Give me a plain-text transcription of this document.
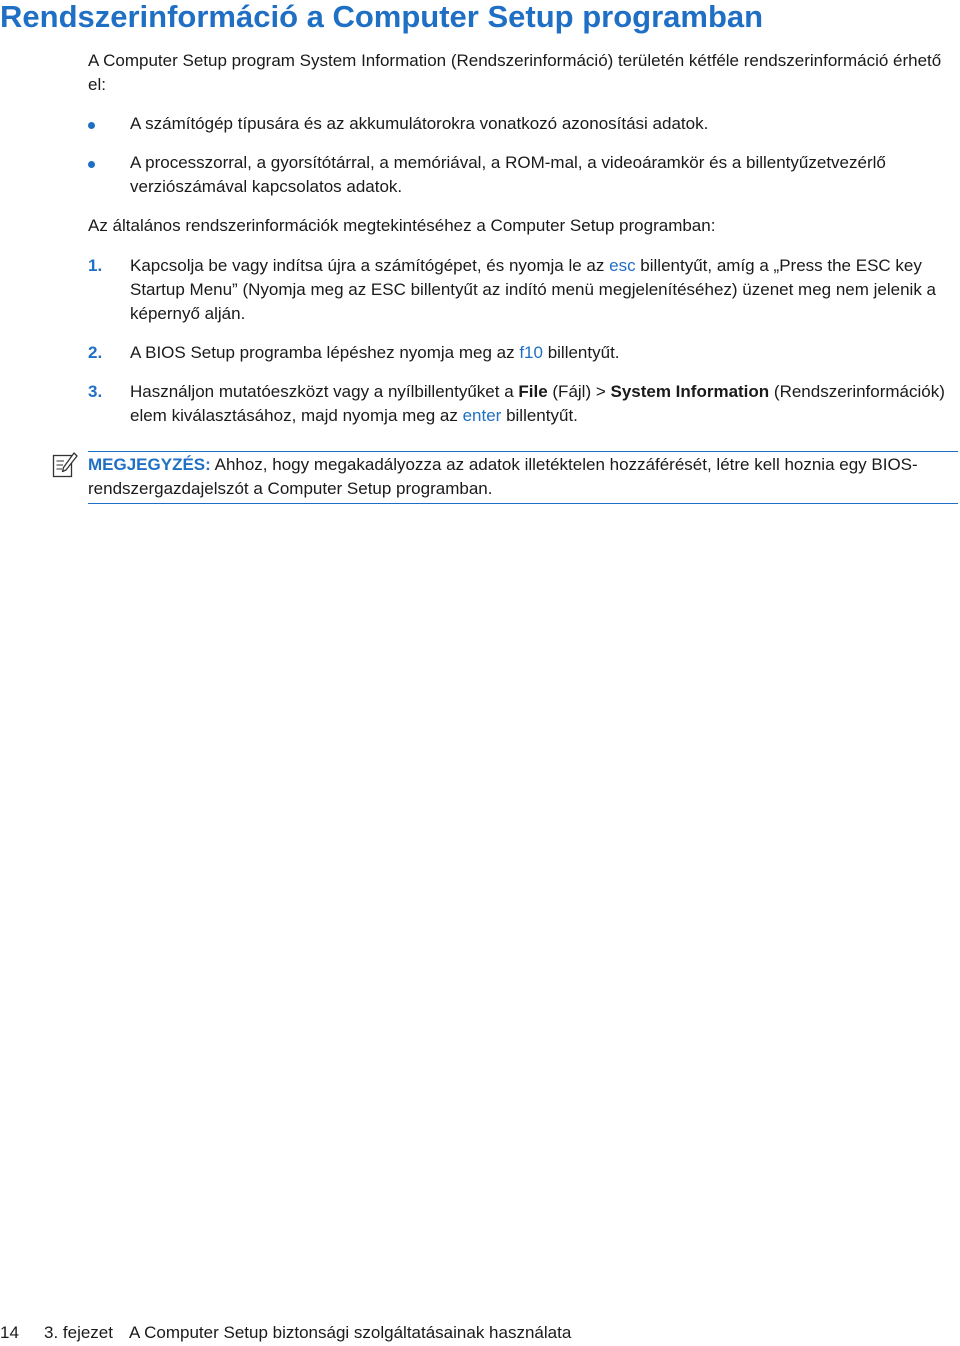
Rendszerinformáció a Computer Setup programban

A Computer Setup program System Information (Rendszerinformáció) területén kétféle rendszerinformáció érhető el:

A számítógép típusára és az akkumulátorokra vonatkozó azonosítási adatok.
A processzorral, a gyorsítótárral, a memóriával, a ROM-mal, a videoáramkör és a billentyűzetvezérlő verziószámával kapcsolatos adatok.

Az általános rendszerinformációk megtekintéséhez a Computer Setup programban:

1. Kapcsolja be vagy indítsa újra a számítógépet, és nyomja le az esc billentyűt, amíg a „Press the ESC key Startup Menu” (Nyomja meg az ESC billentyűt az indító menü megjelenítéséhez) üzenet meg nem jelenik a képernyő alján.
2. A BIOS Setup programba lépéshez nyomja meg az f10 billentyűt.
3. Használjon mutatóeszközt vagy a nyílbillentyűket a File (Fájl) > System Information (Rendszerinformációk) elem kiválasztásához, majd nyomja meg az enter billentyűt.
MEGJEGYZÉS: Ahhoz, hogy megakadályozza az adatok illetéktelen hozzáférését, létre kell hoznia egy BIOS-rendszergazdajelszót a Computer Setup programban.
14 3. fejezet A Computer Setup biztonsági szolgáltatásainak használata
